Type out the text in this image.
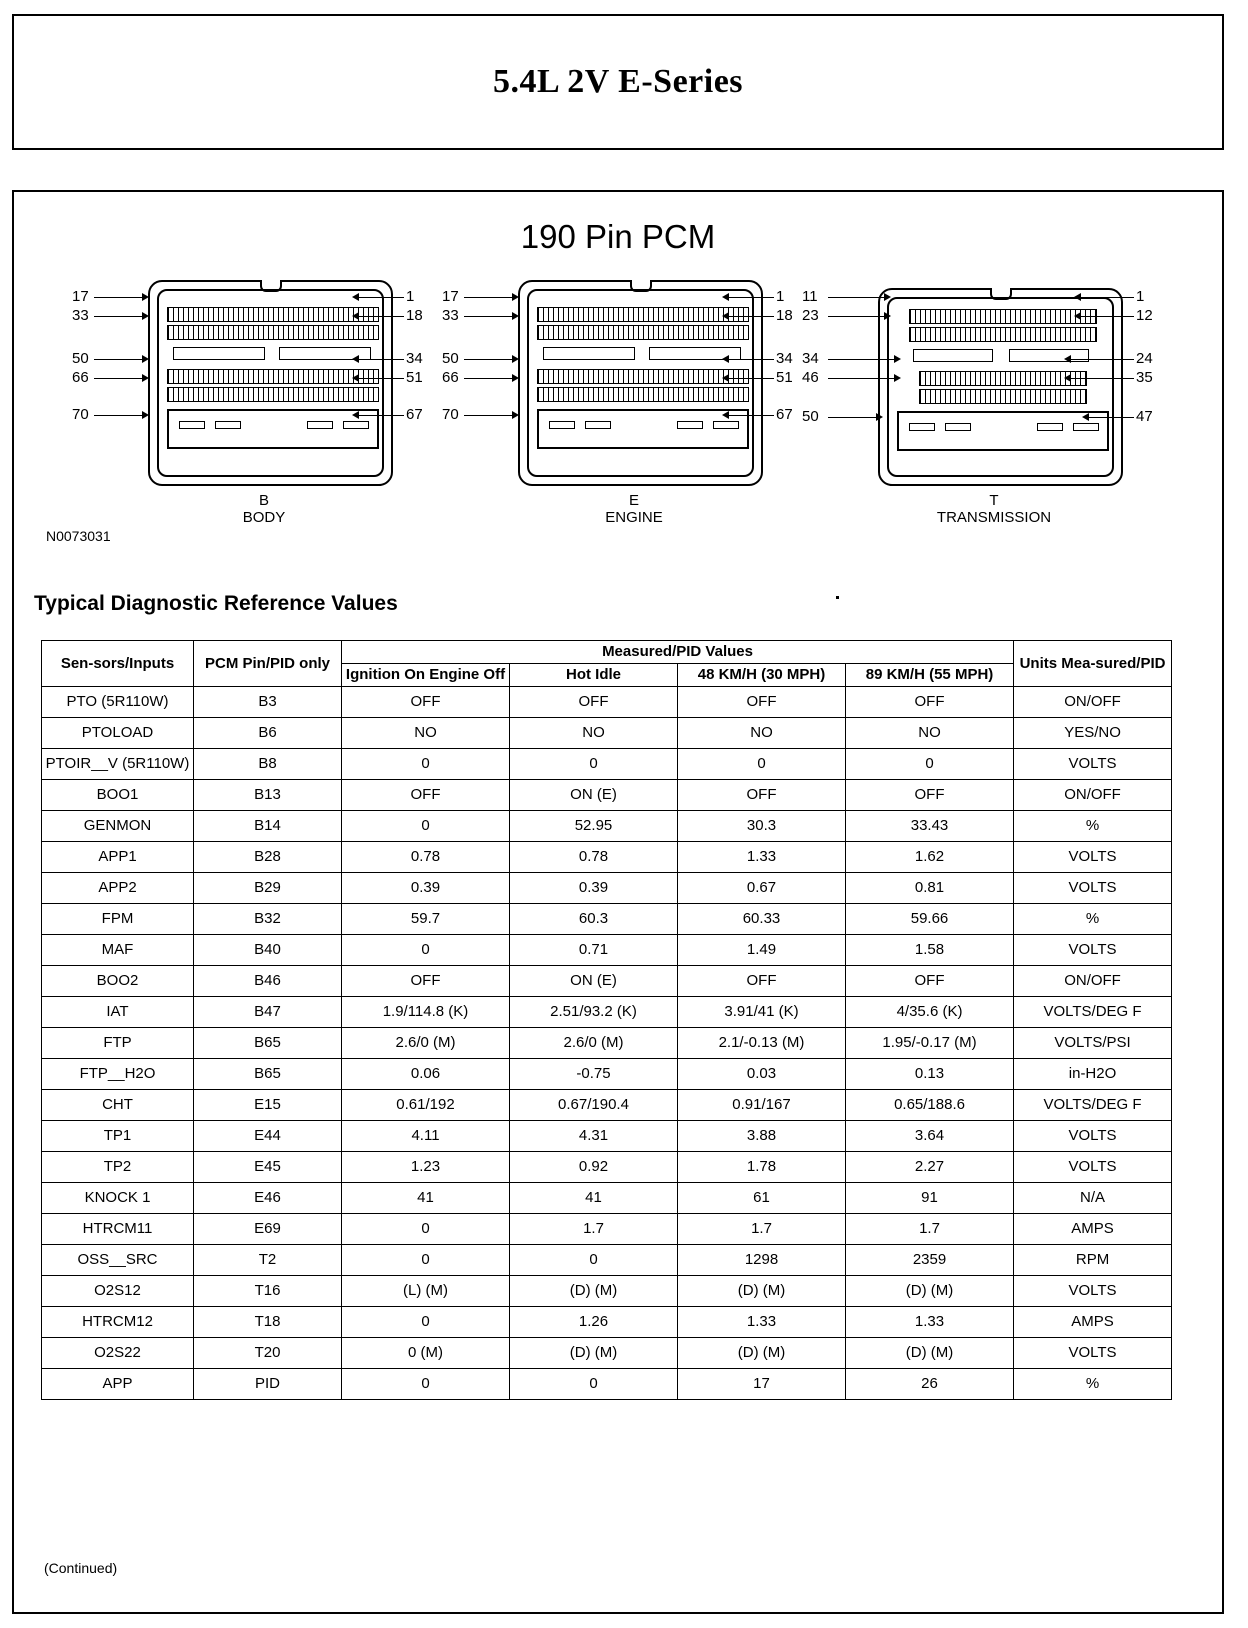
5.4L 2V E-Series
190 Pin PCM
17
33
50
66
70
1
18
34
51
67
B
BODY
17
33
50
66
70
1
18
34
51
67
E
ENGINE
11
23
34
46
50
1
12
24
35
47
T
TRANSMISSION
N0073031
Typical Diagnostic Reference Values
Sen-sors/Inputs	PCM Pin/PID only	Measured/PID Values				Units Mea-sured/PID
		Ignition On Engine Off	Hot Idle	48 KM/H (30 MPH)	89 KM/H (55 MPH)	
PTO (5R110W)	B3	OFF	OFF	OFF	OFF	ON/OFF
PTOLOAD	B6	NO	NO	NO	NO	YES/NO
PTOIR__V (5R110W)	B8	0	0	0	0	VOLTS
BOO1	B13	OFF	ON (E)	OFF	OFF	ON/OFF
GENMON	B14	0	52.95	30.3	33.43	%
APP1	B28	0.78	0.78	1.33	1.62	VOLTS
APP2	B29	0.39	0.39	0.67	0.81	VOLTS
FPM	B32	59.7	60.3	60.33	59.66	%
MAF	B40	0	0.71	1.49	1.58	VOLTS
BOO2	B46	OFF	ON (E)	OFF	OFF	ON/OFF
IAT	B47	1.9/114.8 (K)	2.51/93.2 (K)	3.91/41 (K)	4/35.6 (K)	VOLTS/DEG F
FTP	B65	2.6/0 (M)	2.6/0 (M)	2.1/-0.13 (M)	1.95/-0.17 (M)	VOLTS/PSI
FTP__H2O	B65	0.06	-0.75	0.03	0.13	in-H2O
CHT	E15	0.61/192	0.67/190.4	0.91/167	0.65/188.6	VOLTS/DEG F
TP1	E44	4.11	4.31	3.88	3.64	VOLTS
TP2	E45	1.23	0.92	1.78	2.27	VOLTS
KNOCK 1	E46	41	41	61	91	N/A
HTRCM11	E69	0	1.7	1.7	1.7	AMPS
OSS__SRC	T2	0	0	1298	2359	RPM
O2S12	T16	(L) (M)	(D) (M)	(D) (M)	(D) (M)	VOLTS
HTRCM12	T18	0	1.26	1.33	1.33	AMPS
O2S22	T20	0 (M)	(D) (M)	(D) (M)	(D) (M)	VOLTS
APP	PID	0	0	17	26	%
(Continued)
